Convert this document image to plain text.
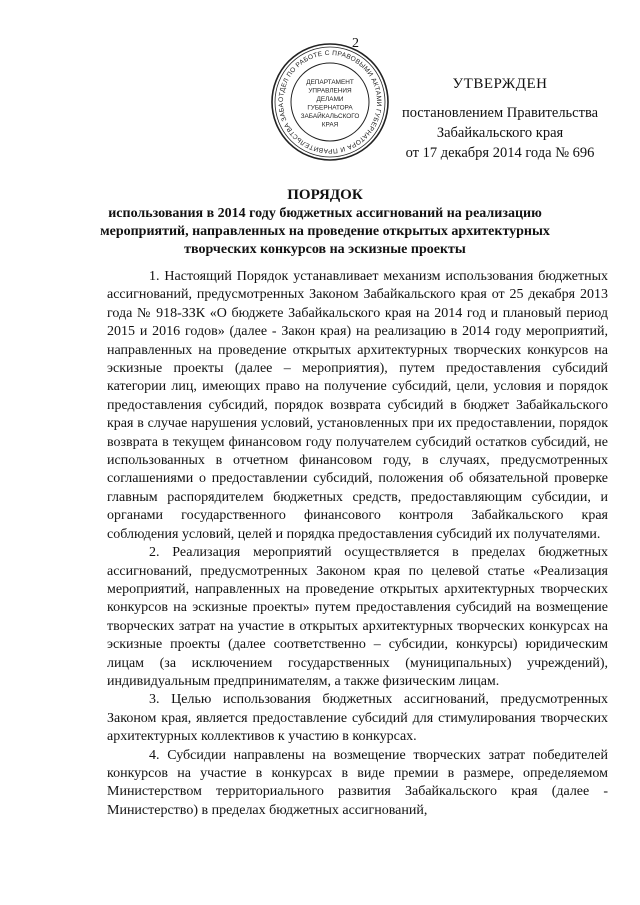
2
ОТДЕЛ ПО РАБОТЕ С ПРАВОВЫМИ АКТАМИ ГУБЕРНАТОРА И ПРАВИТЕЛЬСТВА ЗАБА
ДЕПАРТАМЕНТ
УПРАВЛЕНИЯ
ДЕЛАМИ
ГУБЕРНАТОРА
ЗАБАЙКАЛЬСКОГО
КРАЯ
УТВЕРЖДЕН
постановлением Правительства
Забайкальского края
от 17 декабря 2014 года № 696
ПОРЯДОК
использования в 2014 году бюджетных ассигнований на реализацию мероприятий, направленных на проведение открытых архитектурных творческих конкурсов на эскизные проекты

1. Настоящий Порядок устанавливает механизм использования бюджетных ассигнований, предусмотренных Законом Забайкальского края от 25 декабря 2013 года № 918-ЗЗК «О бюджете Забайкальского края на 2014 год и плановый период 2015 и 2016 годов» (далее - Закон края) на реализацию в 2014 году мероприятий, направленных на проведение открытых архитектурных творческих конкурсов на эскизные проекты (далее – мероприятия), путем предоставления субсидий категории лиц, имеющих право на получение субсидий, цели, условия и порядок предоставления субсидий, порядок возврата субсидий в бюджет Забайкальского края в случае нарушения условий, установленных при их предоставлении, порядок возврата в текущем финансовом году получателем субсидий остатков субсидий, не использованных в отчетном финансовом году, в случаях, предусмотренных соглашениями о предоставлении субсидий, положения об обязательной проверке главным распорядителем бюджетных средств, предоставляющим субсидии, и органами государственного финансового контроля Забайкальского края соблюдения условий, целей и порядка предоставления субсидий их получателями.

2. Реализация мероприятий осуществляется в пределах бюджетных ассигнований, предусмотренных Законом края по целевой статье «Реализация мероприятий, направленных на проведение открытых архитектурных творческих конкурсов на эскизные проекты» путем предоставления субсидий на возмещение творческих затрат на участие в открытых архитектурных творческих конкурсах на эскизные проекты (далее соответственно – субсидии, конкурсы) юридическим лицам (за исключением государственных (муниципальных) учреждений), индивидуальным предпринимателям, а также физическим лицам.

3. Целью использования бюджетных ассигнований, предусмотренных Законом края, является предоставление субсидий для стимулирования творческих архитектурных коллективов к участию в конкурсах.

4. Субсидии направлены на возмещение творческих затрат победителей конкурсов на участие в конкурсах в виде премии в размере, определяемом Министерством территориального развития Забайкальского края (далее - Министерство) в пределах бюджетных ассигнований,
